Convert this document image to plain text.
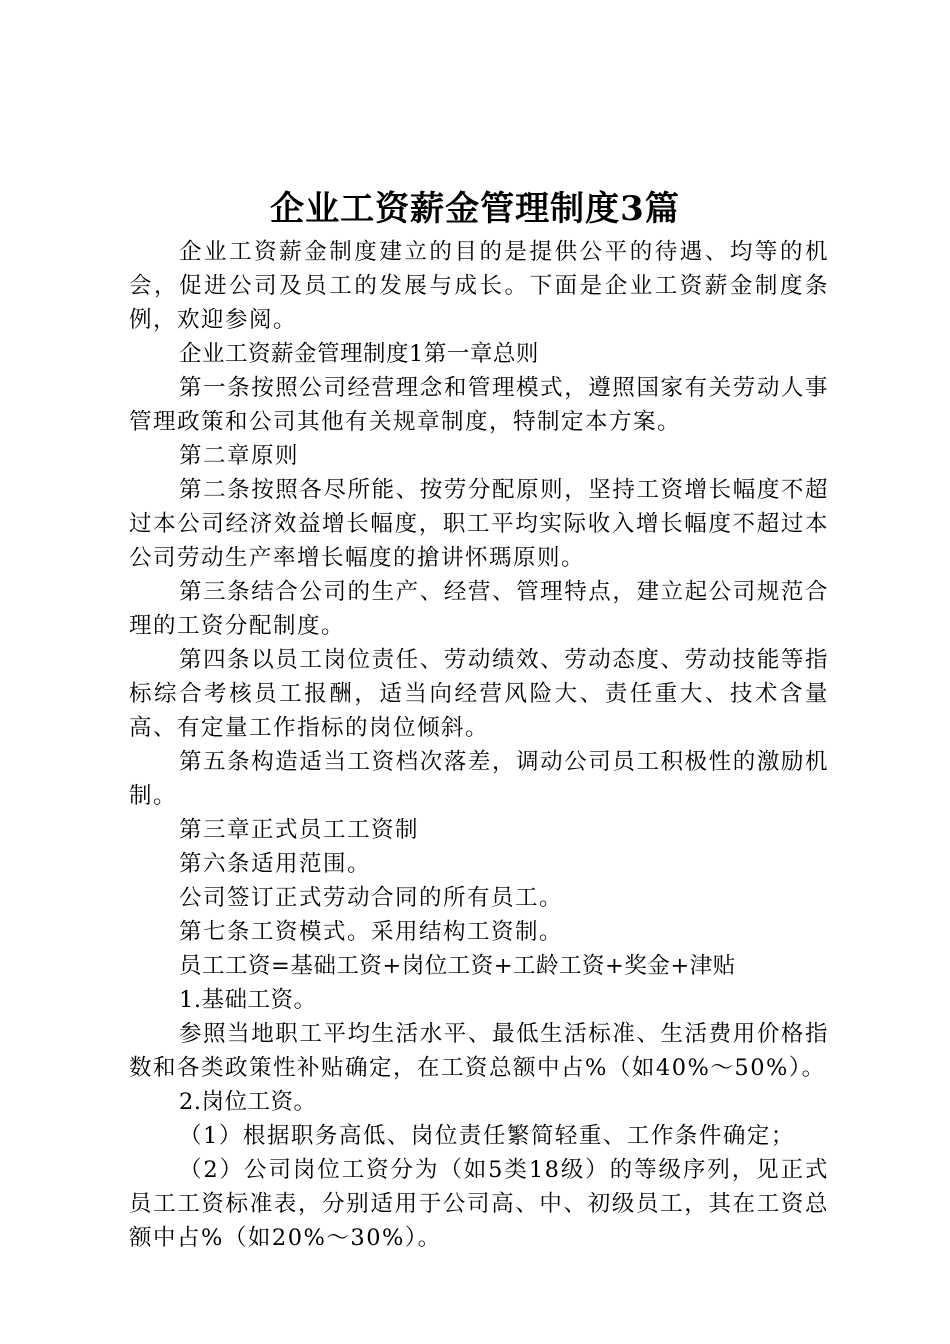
企业工资薪金管理制度3篇

企业工资薪金制度建立的目的是提供公平的待遇、均等的机会，促进公司及员工的发展与成长。下面是企业工资薪金制度条例，欢迎参阅。

企业工资薪金管理制度1第一章总则

第一条按照公司经营理念和管理模式，遵照国家有关劳动人事管理政策和公司其他有关规章制度，特制定本方案。

第二章原则

第二条按照各尽所能、按劳分配原则，坚持工资增长幅度不超过本公司经济效益增长幅度，职工平均实际收入增长幅度不超过本公司劳动生产率增长幅度的搶讲怀瑪原则。

第三条结合公司的生产、经营、管理特点，建立起公司规范合理的工资分配制度。

第四条以员工岗位责任、劳动绩效、劳动态度、劳动技能等指标综合考核员工报酬，适当向经营风险大、责任重大、技术含量高、有定量工作指标的岗位倾斜。

第五条构造适当工资档次落差，调动公司员工积极性的激励机制。

第三章正式员工工资制

第六条适用范围。

公司签订正式劳动合同的所有员工。

第七条工资模式。采用结构工资制。

员工工资=基础工资+岗位工资+工龄工资+奖金+津贴

1.基础工资。

参照当地职工平均生活水平、最低生活标准、生活费用价格指数和各类政策性补贴确定，在工资总额中占%（如40%～50%）。

2.岗位工资。

（1）根据职务高低、岗位责任繁简轻重、工作条件确定；

（2）公司岗位工资分为（如5类18级）的等级序列，见正式员工工资标准表，分别适用于公司高、中、初级员工，其在工资总额中占%（如20%～30%）。
